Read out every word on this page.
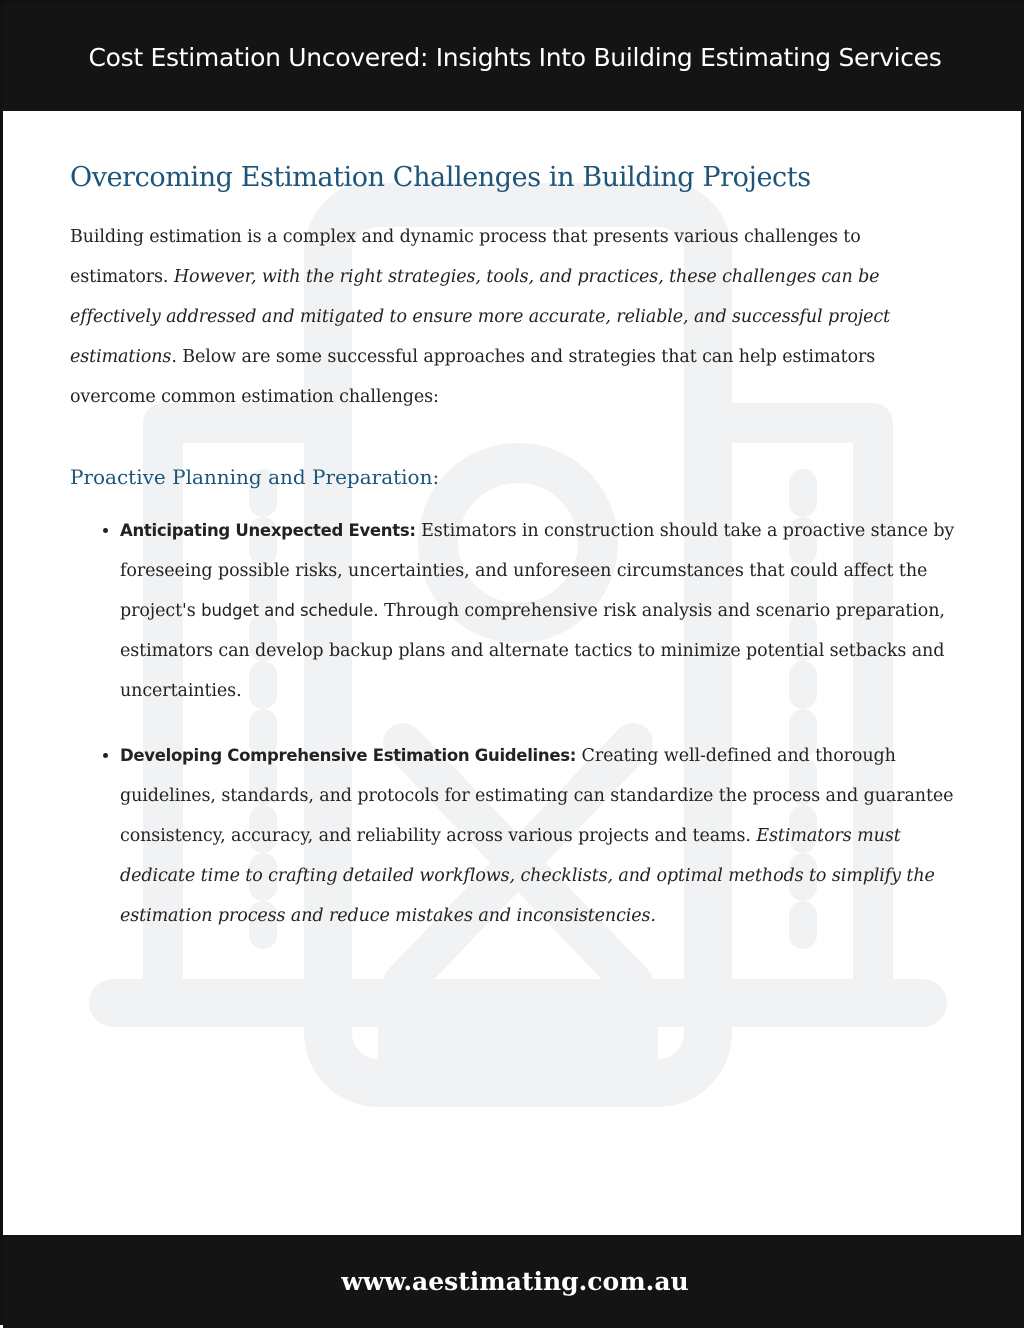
Cost Estimation Uncovered: Insights Into Building Estimating Services
Overcoming Estimation Challenges in Building Projects

Building estimation is a complex and dynamic process that presents various challenges to estimators. However, with the right strategies, tools, and practices, these challenges can be effectively addressed and mitigated to ensure more accurate, reliable, and successful project estimations. Below are some successful approaches and strategies that can help estimators overcome common estimation challenges:

Proactive Planning and Preparation:
• Anticipating Unexpected Events: Estimators in construction should take a proactive stance by foreseeing possible risks, uncertainties, and unforeseen circumstances that could affect the project's budget and schedule. Through comprehensive risk analysis and scenario preparation, estimators can develop backup plans and alternate tactics to minimize potential setbacks and uncertainties.
• Developing Comprehensive Estimation Guidelines: Creating well-defined and thorough guidelines, standards, and protocols for estimating can standardize the process and guarantee consistency, accuracy, and reliability across various projects and teams. Estimators must dedicate time to crafting detailed workflows, checklists, and optimal methods to simplify the estimation process and reduce mistakes and inconsistencies.
www.aestimating.com.au
